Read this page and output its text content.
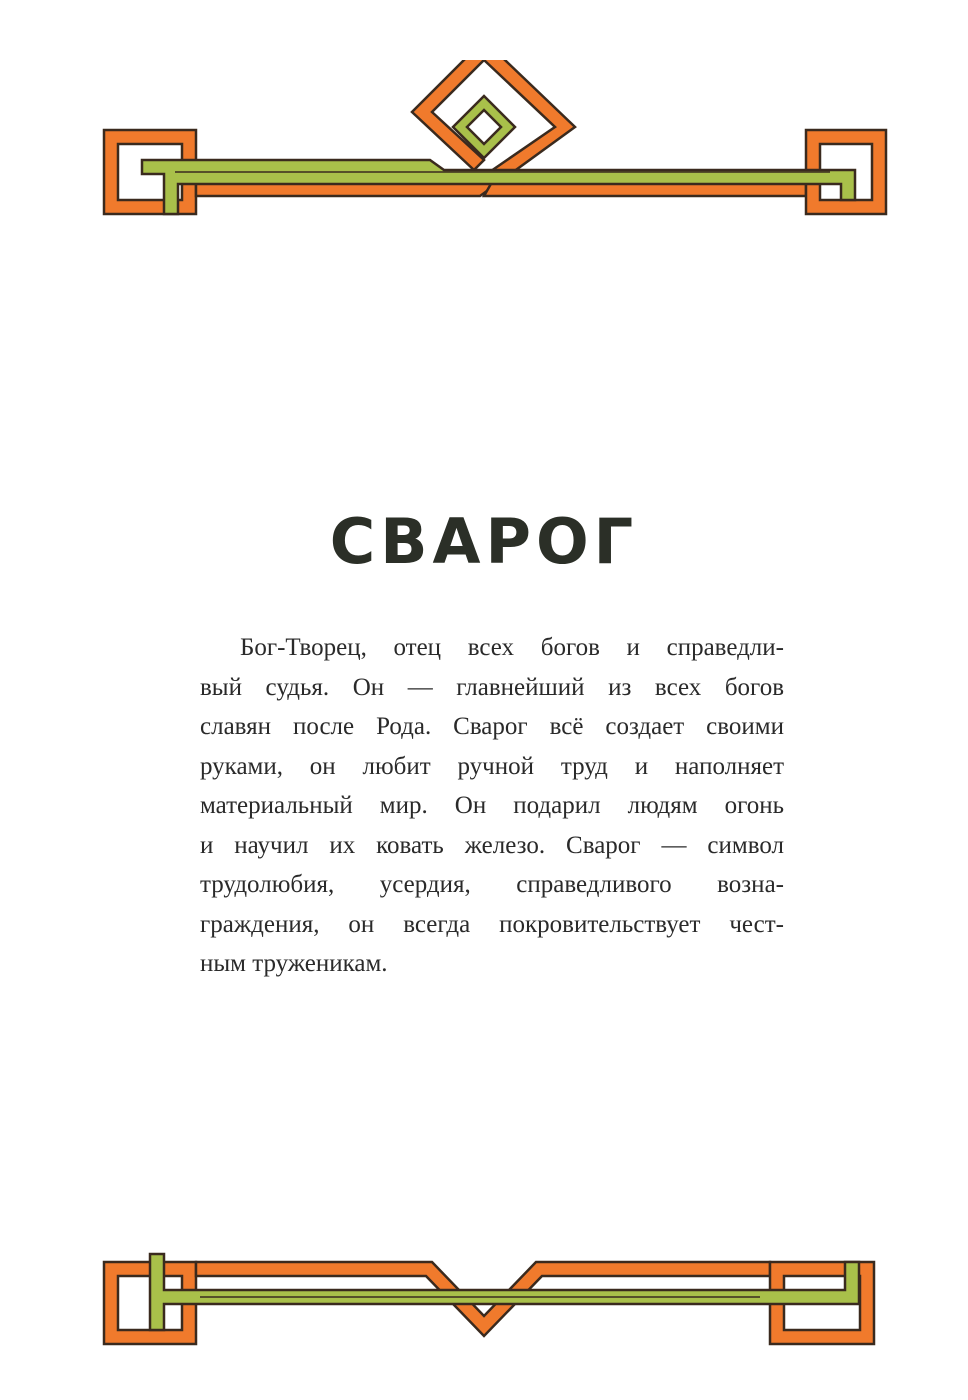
СВАРОГ
Бог-Творец, отец всех богов и справедли-
вый судья. Он — главнейший из всех богов
славян после Рода. Сварог всё создает своими
руками, он любит ручной труд и наполняет
материальный мир. Он подарил людям огонь
и научил их ковать железо. Сварог — символ
трудолюбия, усердия, справедливого возна-
граждения, он всегда покровительствует чест-
ным труженикам.
